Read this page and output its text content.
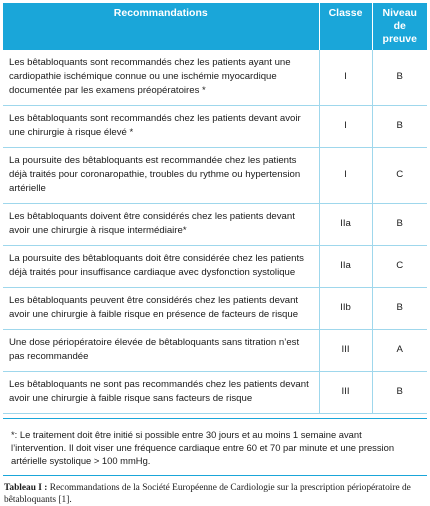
Recommandations	Classe	Niveau de preuve
Les bêtabloquants sont recommandés chez les patients ayant une cardiopathie ischémique connue ou une ischémie myocardique documentée par les examens préopératoires *	I	B
Les bêtabloquants sont recommandés chez les patients devant avoir une chirurgie à risque élevé *	I	B
La poursuite des bêtabloquants est recommandée chez les patients déjà traités pour coronaropathie, troubles du rythme ou hypertension artérielle	I	C
Les bêtabloquants doivent être considérés chez les patients devant avoir une chirurgie à risque intermédiaire*	IIa	B
La poursuite des bêtabloquants doit être considérée chez les patients déjà traités pour insuffisance cardiaque avec dysfonction systolique	IIa	C
Les bêtabloquants peuvent être considérés chez les patients devant avoir une chirurgie à faible risque en présence de facteurs de risque	IIb	B
Une dose périopératoire élevée de bêtabloquants sans titration n’est pas recommandée	III	A
Les bêtabloquants ne sont pas recommandés chez les patients devant avoir une chirurgie à faible risque sans facteurs de risque	III	B
*: Le traitement doit être initié si possible entre 30 jours et au moins 1 semaine avant l’intervention. Il doit viser une fréquence cardiaque entre 60 et 70 par minute et une pression artérielle systolique > 100 mmHg.
Tableau I : Recommandations de la Société Européenne de Cardiologie sur la prescription périopératoire de bêtabloquants [1].
